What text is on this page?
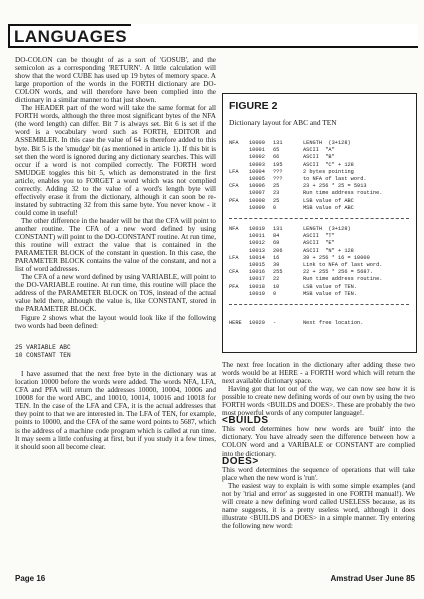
LANGUAGES

DO-COLON can be thought of as a sort of 'GOSUB', and the semicolon as a corresponding 'RETURN'. A little calculation will show that the word CUBE has used up 19 bytes of memory space. A large proportion of the words in the FORTH dictionary are DO-COLON words, and will therefore have been complied into the dictionary in a similar manner to that just shown.

The HEADER part of the word will take the same format for all FORTH words, although the three most significant bytes of the NFA (the word length) can differ. Bit 7 is always set. Bit 6 is set if the word is a vocabulary word such as FORTH, EDITOR and ASSEMBLER. In this case the value of 64 is therefore added to this byte. Bit 5 is the 'smudge' bit (as mentioned in article 1). If this bit is set then the word is ignored during any dictionary searches. This will occur if a word is not compiled correctly. The FORTH word SMUDGE toggles this bit 5, which as demonstrated in the first article, enables you to FORGET a word which was not complied correctly. Adding 32 to the value of a word's length byte will effectively erase it from the dictionary, although it can soon be re-instated by subtracting 32 from this same byte. You never know - it could come in useful!

The other difference in the header will be that the CFA will point to another routine. The CFA of a new word defined by using CONSTANT) will point to the DO-CONSTANT routine. At run time, this routine will extract the value that is contained in the PARAMETER BLOCK of the constant in question. In this case, the PARAMETER BLOCK contains the value of the constant, and not a list of word addresses.

The CFA of a new word defined by using VARIABLE, will point to the DO-VARIABLE routine. At run time, this routine will place the address of the PARAMETER BLOCK on TOS, instead of the actual value held there, although the value is, like CONSTANT, stored in the PARAMETER BLOCK.

Figure 2 shows what the layout would look like if the following two words had been defined:

25 VARIABLE ABC
10 CONSTANT TEN

I have assumed that the next free byte in the dictionary was at location 10000 before the words were added. The words NFA, LFA, CFA and PFA will return the addresses 10000, 10004, 10006 and 10008 for the word ABC, and 10010, 10014, 10016 and 10018 for TEN. In the case of the LFA and CFA, it is the actual addresses that they point to that we are interested in. The LFA of TEN, for example, points to 10000, and the CFA of the same word points to 5687, which is the address of a machine code program which is called at run time. It may seem a little confusing at first, but if you study it a few times, it should soon all become clear.

FIGURE 2
Dictionary layout for ABC and TEN
NFA	10000	131	LENGTH  (3+128)
10001	65	ASCII  "A"
10002	66	ASCII  "B"
10003	195	ASCII  "C" + 128
LFA	10004	???	2 bytes pointing
10005	???	to NFA of last word.
CFA	10006	25	23 + 256 * 25 = 5913
10007	23	Run time address routine.
PFA	10008	25	LSB value of ABC
10009	0	MSB value of ABC
NFA	10010	131	LENGTH  (3+128)
10011	84	ASCII  "T"
10012	69	ASCII  "E"
10013	206	ASCII  "N" + 128
LFA	10014	16	39 + 256 * 16 = 10000
10015	39	Link to NFA of last word.
CFA	10016	255	22 + 255 * 256 = 5687.
10017	22	Run time address routine.
PFA	10018	10	LSB value of TEN.
10019	0	MSB value of TEN.
HERE	10020	-	Next free location.

The next free location in the dictionary after adding these two words would be at HERE - a FORTH word which will return the next available dictionary space.

Having got that lot out of the way, we can now see how it is possible to create new defining words of our own by using the two FORTH words <BUILDS and DOES>. These are probably the two most powerful words of any computer language!.

<BUILDS

This word determines how new words are 'built' into the dictionary. You have already seen the difference between how a COLON word and a VARIBALE or CONSTANT are complied into the dictionary.

DOES>

This word determines the sequence of operations that will take place when the new word is 'run'.

The easiest way to explain is with some simple examples (and not by 'trial and error' as suggested in one FORTH manual!). We will create a new defining word called USELESS because, as its name suggests, it is a pretty useless word, although it does illustrate <BUILDS and DOES> in a simple manner. Try entering the following new word:

Page 16	Amstrad User June 85
